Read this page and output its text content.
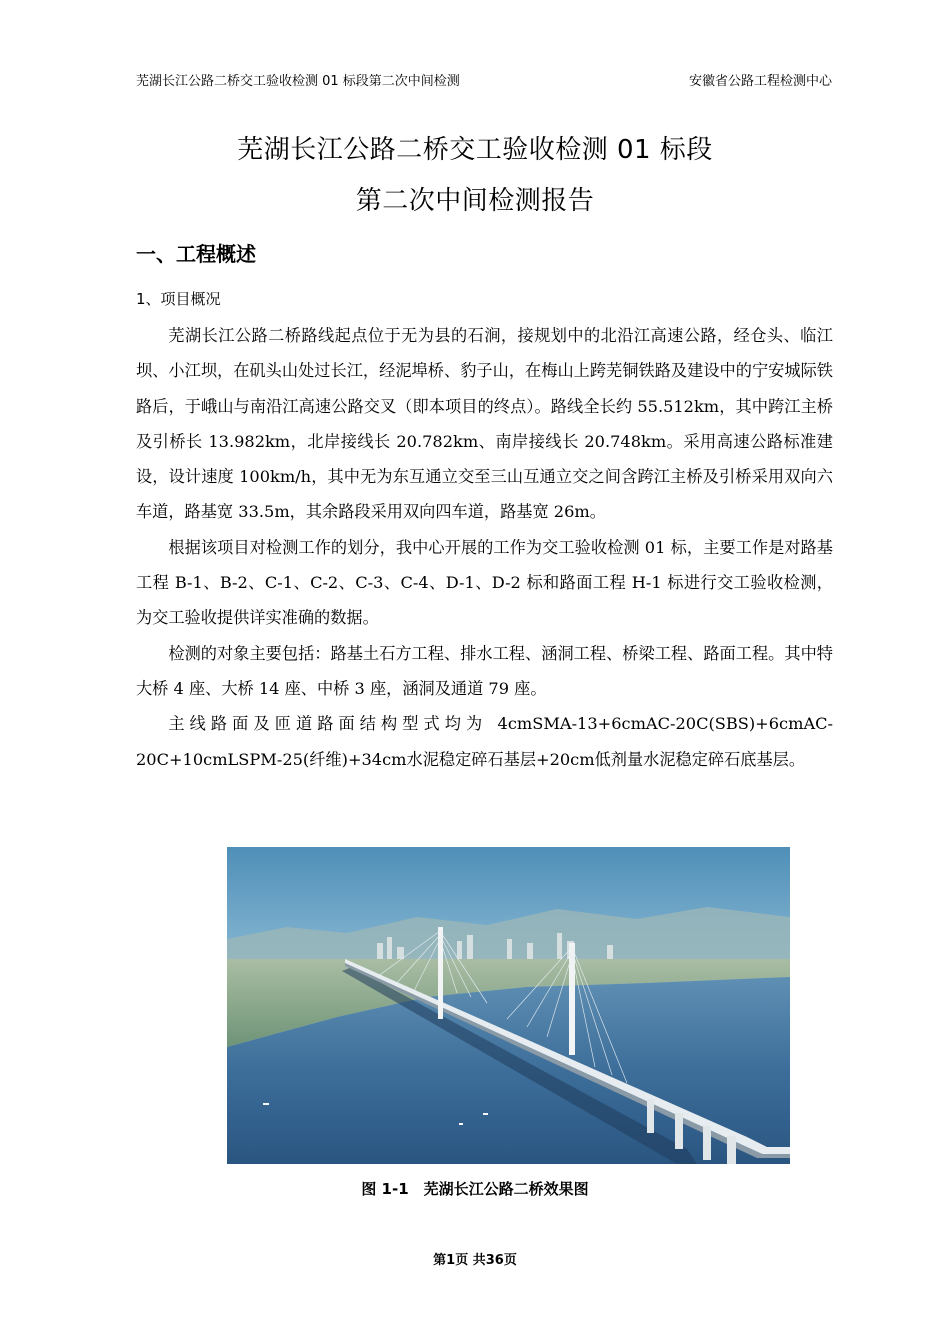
芜湖长江公路二桥交工验收检测 01 标段第二次中间检测	安徽省公路工程检测中心
芜湖长江公路二桥交工验收检测 01 标段
第二次中间检测报告
一、工程概述
1、项目概况

芜湖长江公路二桥路线起点位于无为县的石涧，接规划中的北沿江高速公路，经仓头、临江坝、小江坝，在矶头山处过长江，经泥埠桥、豹子山，在梅山上跨芜铜铁路及建设中的宁安城际铁路后，于峨山与南沿江高速公路交叉（即本项目的终点）。路线全长约 55.512km，其中跨江主桥及引桥长 13.982km，北岸接线长 20.782km、南岸接线长 20.748km。采用高速公路标准建设，设计速度 100km/h，其中无为东互通立交至三山互通立交之间含跨江主桥及引桥采用双向六车道，路基宽 33.5m，其余路段采用双向四车道，路基宽 26m。

根据该项目对检测工作的划分，我中心开展的工作为交工验收检测 01 标，主要工作是对路基工程 B-1、B-2、C-1、C-2、C-3、C-4、D-1、D-2 标和路面工程 H-1 标进行交工验收检测，为交工验收提供详实准确的数据。

检测的对象主要包括：路基土石方工程、排水工程、涵洞工程、桥梁工程、路面工程。其中特大桥 4 座、大桥 14 座、中桥 3 座，涵洞及通道 79 座。

主线路面及匝道路面结构型式均为 4cmSMA-13+6cmAC-20C(SBS)+6cmAC-20C+10cmLSPM-25(纤维)+34cm水泥稳定碎石基层+20cm低剂量水泥稳定碎石底基层。

图 1-1　芜湖长江公路二桥效果图
第1页 共36页
